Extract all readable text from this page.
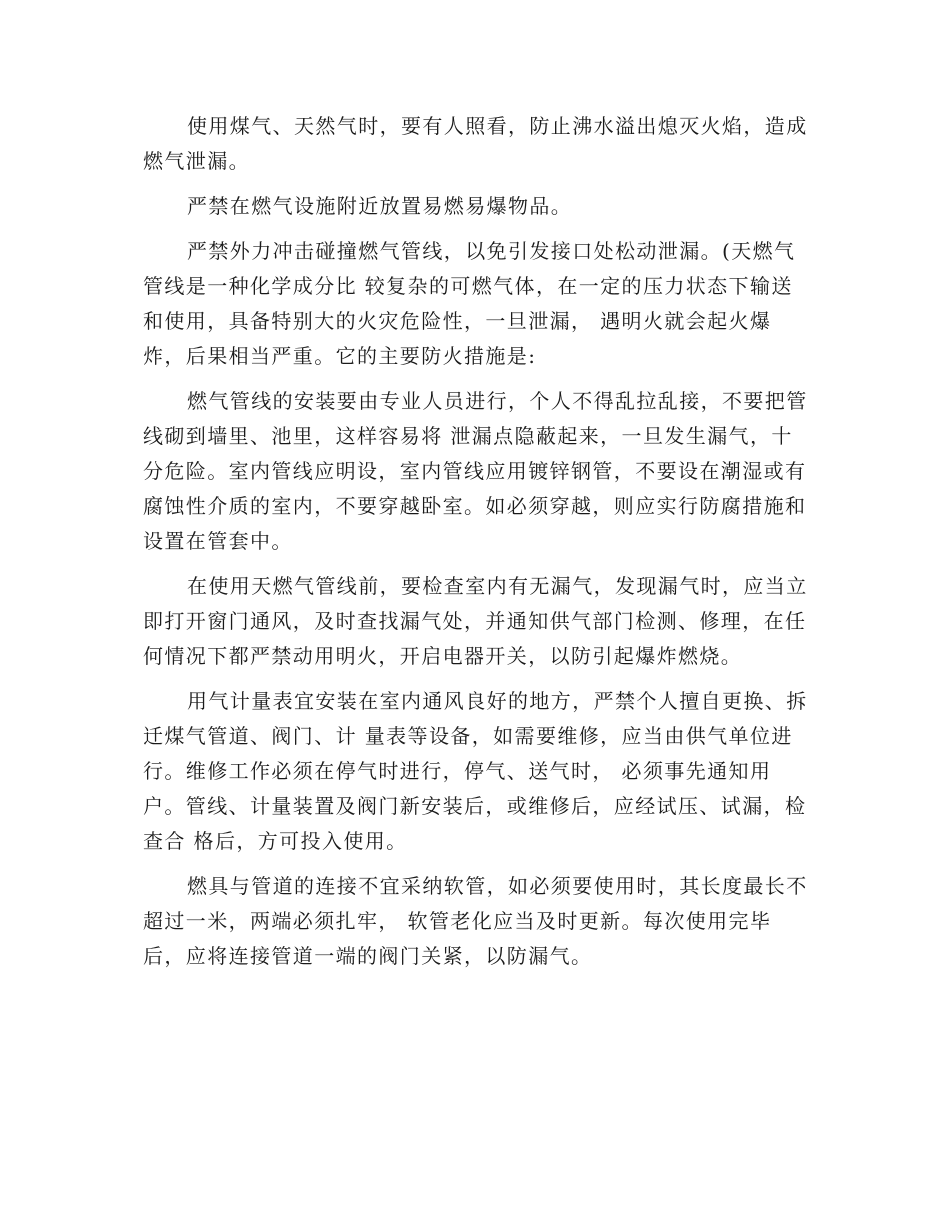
使用煤气、天然气时，要有人照看，防止沸水溢出熄灭火焰，造成燃气泄漏。

严禁在燃气设施附近放置易燃易爆物品。

严禁外力冲击碰撞燃气管线，以免引发接口处松动泄漏。(天燃气管线是一种化学成分比 较复杂的可燃气体，在一定的压力状态下输送和使用，具备特别大的火灾危险性，一旦泄漏， 遇明火就会起火爆炸，后果相当严重。它的主要防火措施是:

燃气管线的安装要由专业人员进行，个人不得乱拉乱接，不要把管线砌到墙里、池里，这样容易将 泄漏点隐蔽起来，一旦发生漏气，十分危险。室内管线应明设，室内管线应用镀锌钢管，不要设在潮湿或有腐蚀性介质的室内，不要穿越卧室。如必须穿越，则应实行防腐措施和设置在管套中。

在使用天燃气管线前，要检查室内有无漏气，发现漏气时，应当立即打开窗门通风，及时查找漏气处，并通知供气部门检测、修理，在任何情况下都严禁动用明火，开启电器开关，以防引起爆炸燃烧。

用气计量表宜安装在室内通风良好的地方，严禁个人擅自更换、拆迁煤气管道、阀门、计 量表等设备，如需要维修，应当由供气单位进行。维修工作必须在停气时进行，停气、送气时， 必须事先通知用户。管线、计量装置及阀门新安装后，或维修后，应经试压、试漏，检查合 格后，方可投入使用。

燃具与管道的连接不宜采纳软管，如必须要使用时，其长度最长不超过一米，两端必须扎牢， 软管老化应当及时更新。每次使用完毕后，应将连接管道一端的阀门关紧，以防漏气。
